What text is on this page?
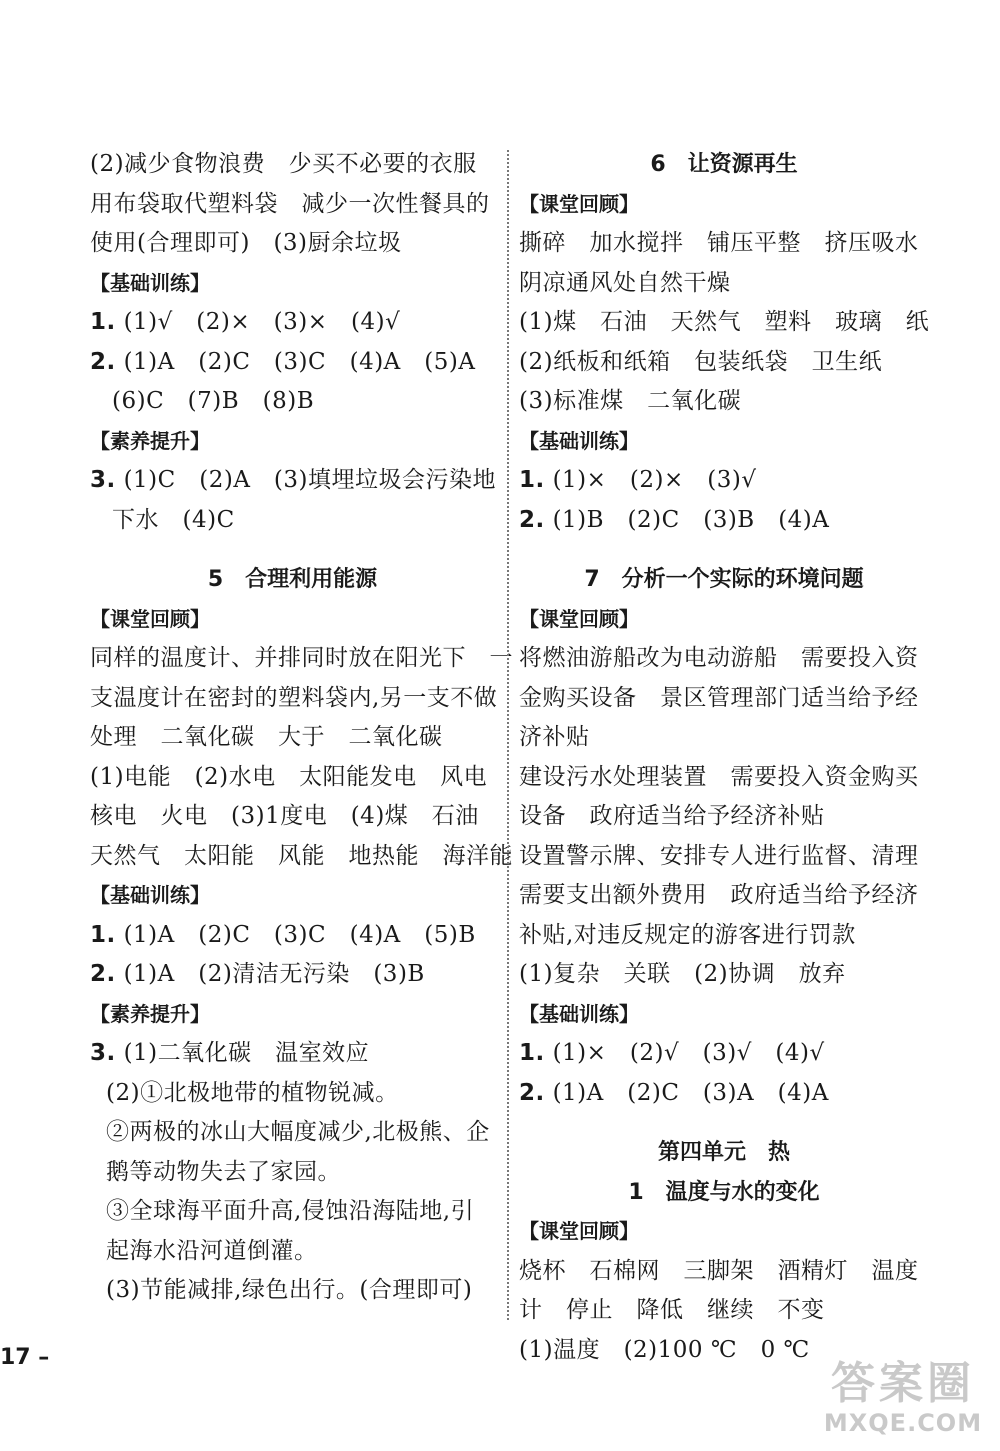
(2)减少食物浪费　少买不必要的衣服
用布袋取代塑料袋　减少一次性餐具的
使用(合理即可)　(3)厨余垃圾
【基础训练】
1. (1)√　(2)×　(3)×　(4)√
2. (1)A　(2)C　(3)C　(4)A　(5)A
(6)C　(7)B　(8)B
【素养提升】
3. (1)C　(2)A　(3)填埋垃圾会污染地
下水　(4)C
5 合理利用能源
【课堂回顾】
同样的温度计、并排同时放在阳光下　一
支温度计在密封的塑料袋内,另一支不做
处理　二氧化碳　大于　二氧化碳
(1)电能　(2)水电　太阳能发电　风电
核电　火电　(3)1度电　(4)煤　石油
天然气　太阳能　风能　地热能　海洋能
【基础训练】
1. (1)A　(2)C　(3)C　(4)A　(5)B
2. (1)A　(2)清洁无污染　(3)B
【素养提升】
3. (1)二氧化碳　温室效应
(2)①北极地带的植物锐减。
②两极的冰山大幅度减少,北极熊、企
鹅等动物失去了家园。
③全球海平面升高,侵蚀沿海陆地,引
起海水沿河道倒灌。
(3)节能减排,绿色出行。(合理即可)
6 让资源再生
【课堂回顾】
撕碎　加水搅拌　铺压平整　挤压吸水
阴凉通风处自然干燥
(1)煤　石油　天然气　塑料　玻璃　纸
(2)纸板和纸箱　包装纸袋　卫生纸
(3)标准煤　二氧化碳
【基础训练】
1. (1)×　(2)×　(3)√
2. (1)B　(2)C　(3)B　(4)A
7 分析一个实际的环境问题
【课堂回顾】
将燃油游船改为电动游船　需要投入资
金购买设备　景区管理部门适当给予经
济补贴
建设污水处理装置　需要投入资金购买
设备　政府适当给予经济补贴
设置警示牌、安排专人进行监督、清理
需要支出额外费用　政府适当给予经济
补贴,对违反规定的游客进行罚款
(1)复杂　关联　(2)协调　放弃
【基础训练】
1. (1)×　(2)√　(3)√　(4)√
2. (1)A　(2)C　(3)A　(4)A
第四单元　热
1 温度与水的变化
【课堂回顾】
烧杯　石棉网　三脚架　酒精灯　温度
计　停止　降低　继续　不变
(1)温度　(2)100 ℃　0 ℃
17 –
答案圈
MXQE.COM
